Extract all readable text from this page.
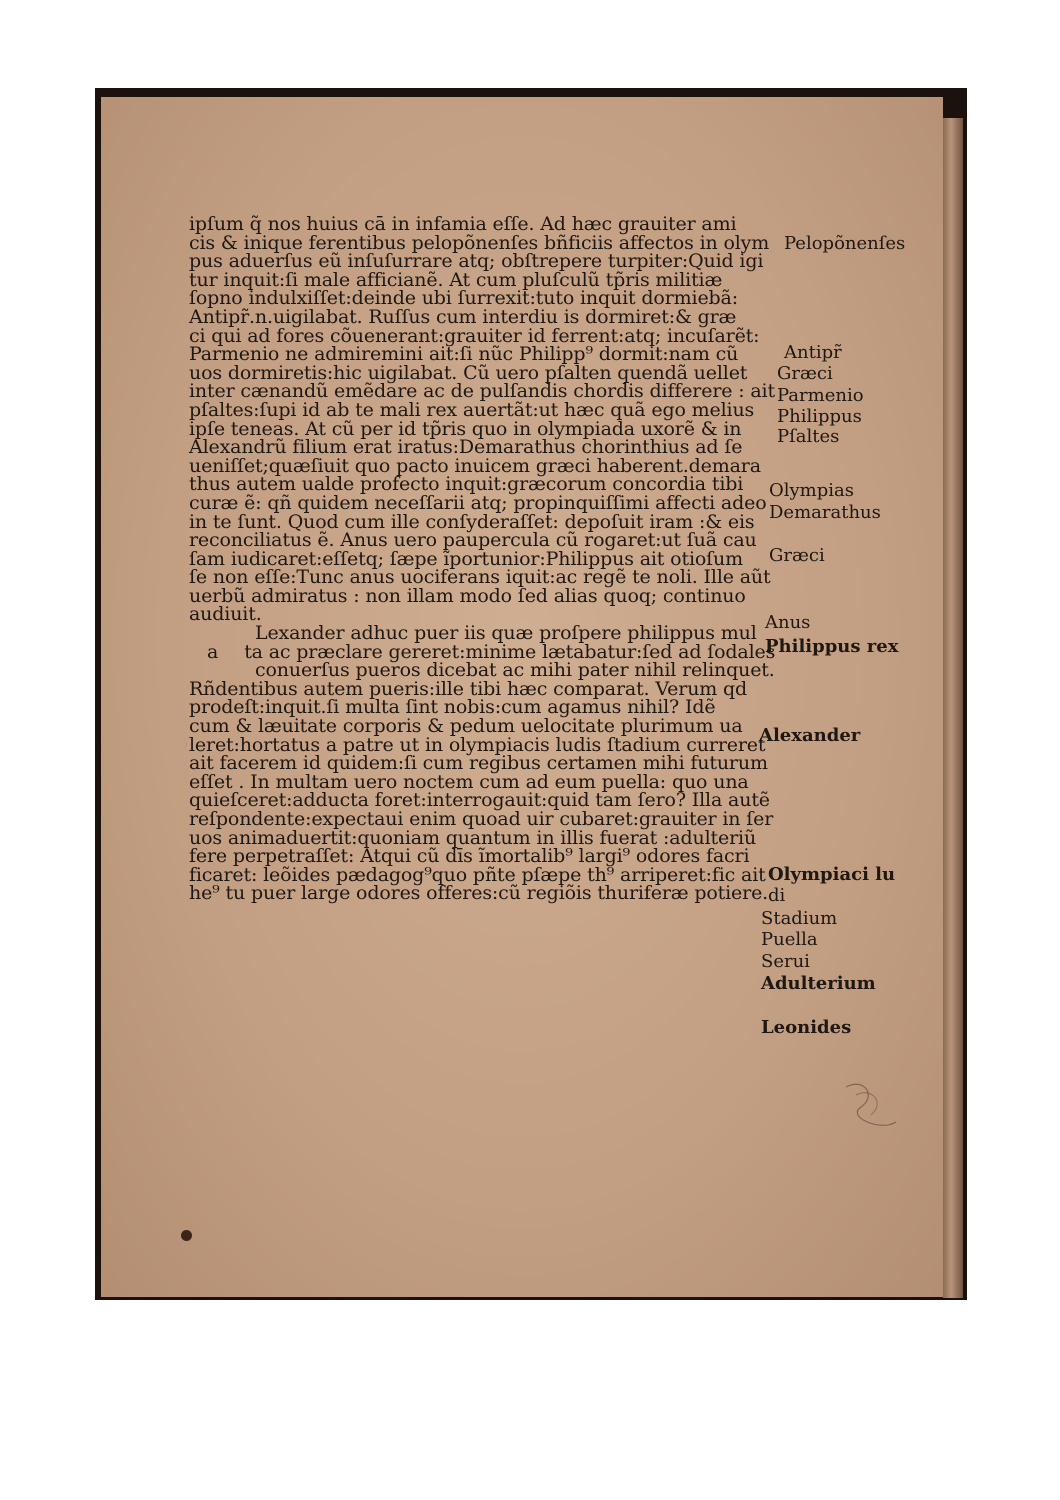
ipſum q̃ nos huius cā in infamia eſſe. Ad hæc grauiter ami
cis & inique ferentibus pelopõnenſes bñficiis affectos in olym
pus aduerſus eũ inſuſurrare atq; obſtrepere turpiter:Quid igi
tur inquit:ſi male afficianẽ. At cum pluſculũ tp̃ris militiæ
ſopno indulxiſſet:deinde ubi ſurrexit:tuto inquit dormiebã:
Antipr̃.n.uigilabat. Ruſſus cum interdiu is dormiret:& græ
ci qui ad fores cõuenerant:grauiter id ferrent:atq; incuſarẽt:
Parmenio ne admiremini ait:ſi nũc Philipp⁹ dormit:nam cũ
uos dormiretis:hic uigilabat. Cũ uero pſalten quendã uellet
inter cænandũ emẽdare ac de pulſandis chordis differere : ait
pſaltes:ſupi id ab te mali rex auertãt:ut hæc quã ego melius
ipſe teneas. At cũ per id tp̃ris quo in olympiada uxorẽ & in
Alexandrũ filium erat iratus:Demarathus chorinthius ad ſe
ueniſſet;quæſiuit quo pacto inuicem græci haberent.demara
thus autem ualde profecto inquit:græcorum concordia tibi
curæ ẽ: qñ quidem neceſſarii atq; propinquiſſimi affecti adeo
in te ſunt. Quod cum ille conſyderaſſet: depoſuit iram :& eis
reconciliatus ẽ. Anus uero paupercula cũ rogaret:ut ſuã cau
ſam iudicaret:eſſetq; ſæpe ĩportunior:Philippus ait otioſum
ſe non eſſe:Tunc anus uociferans iquit:ac regẽ te noli. Ille aũt
uerbũ admiratus : non illam modo ſed alias quoq; continuo
audiuit.
Lexander adhuc puer iis quæ proſpere philippus mul
a ta ac præclare gereret:minime lætabatur:ſed ad ſodales
conuerſus pueros dicebat ac mihi pater nihil relinquet.
Rñdentibus autem pueris:ille tibi hæc comparat. Verum qd
prodeſt:inquit.ſi multa ſint nobis:cum agamus nihil? Idẽ
cum & læuitate corporis & pedum uelocitate plurimum ua
leret:hortatus a patre ut in olympiacis ludis ſtadium curreret
ait facerem id quidem:ſi cum regibus certamen mihi futurum
eſſet . In multam uero noctem cum ad eum puella: quo una
quieſceret:adducta foret:interrogauit:quid tam ſero? Illa autẽ
reſpondente:expectaui enim quoad uir cubaret:grauiter in ſer
uos animaduertit:quoniam quantum in illis fuerat :adulteriũ
fere perpetraſſet: Atqui cũ dīs ĩmortalib⁹ largi⁹ odores facri
ficaret: leõides pædagog⁹quo pñte pſæpe th⁹ arriperet:fic ait
he⁹ tu puer large odores offeres:cũ regiõis thuriferæ potiere.
Pelopõnenſes
Antipr̃
Græci
Parmenio
Philippus
Pſaltes
Olympias
Demarathus
Græci
Anus
Philippus rex
Alexander
Olympiaci lu
di
Stadium
Puella
Serui
Adulterium
Leonides
